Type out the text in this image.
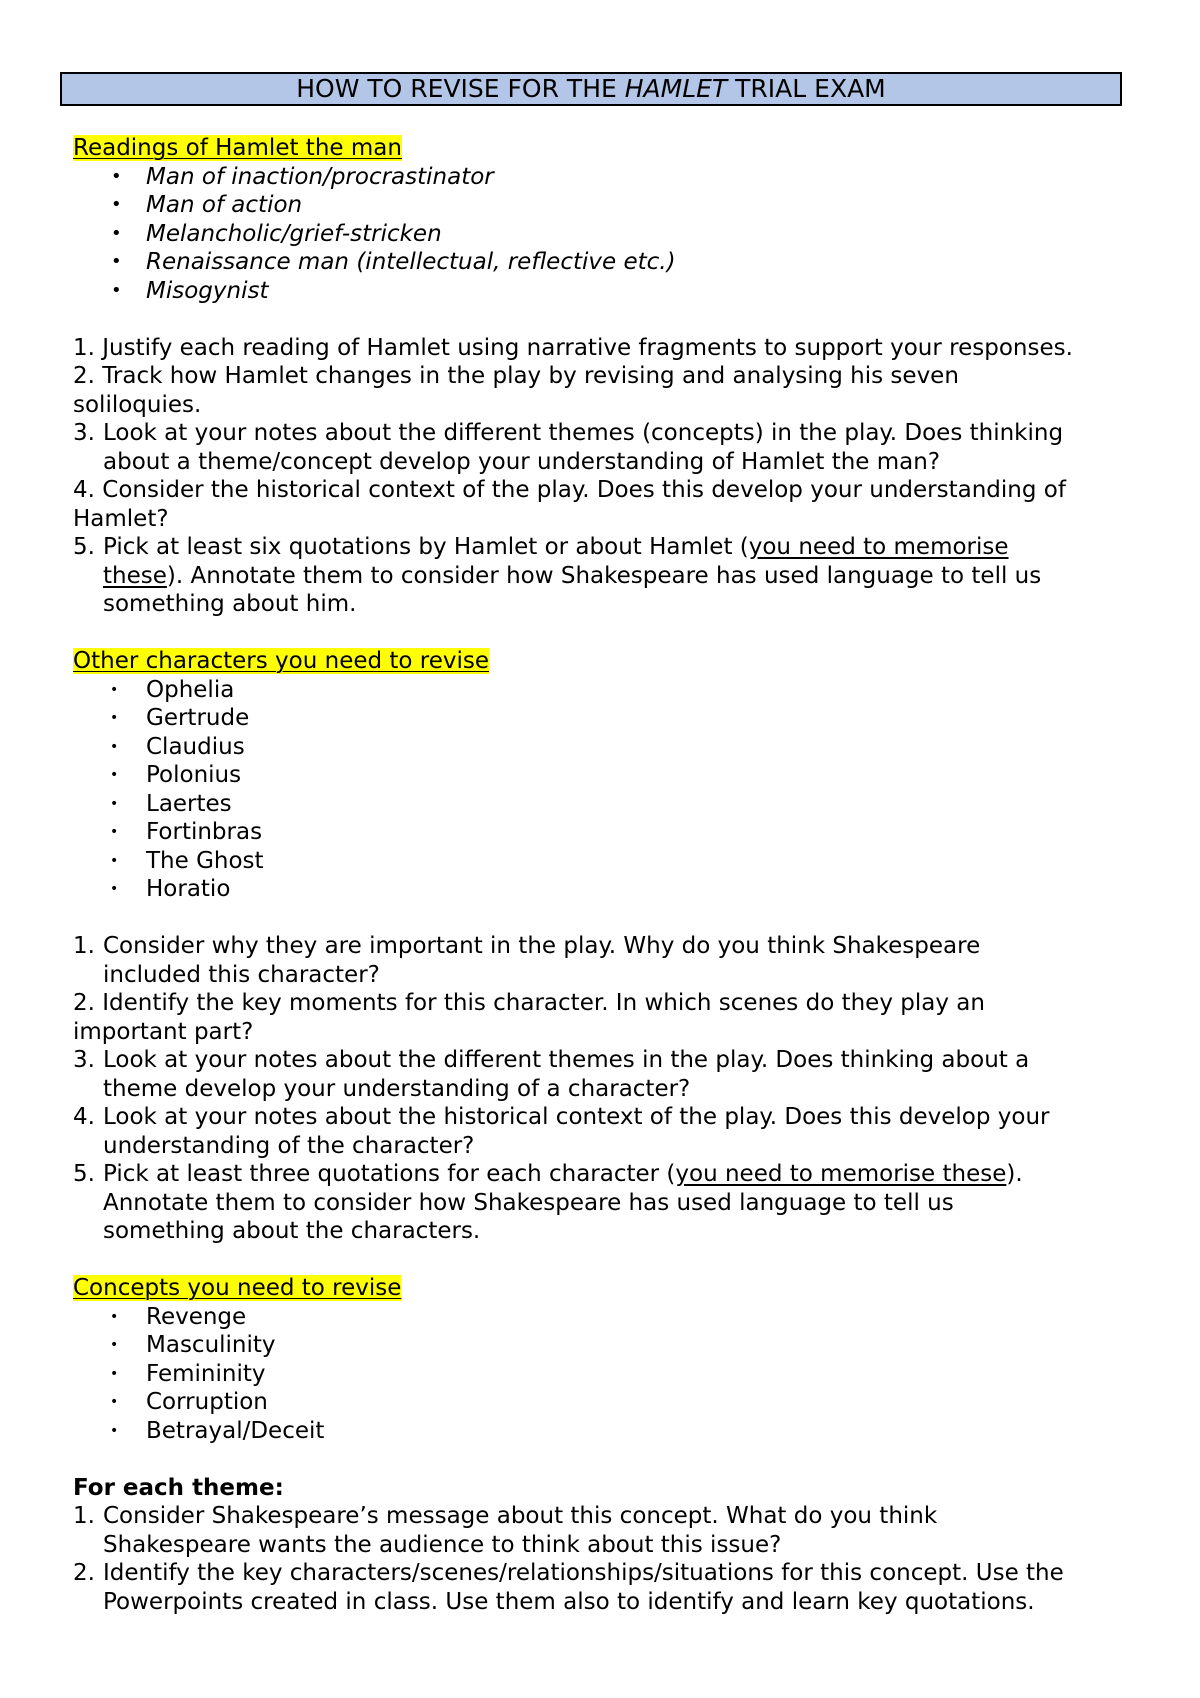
HOW TO REVISE FOR THE HAMLET TRIAL EXAM
Readings of Hamlet the man
• Man of inaction/procrastinator
• Man of action
• Melancholic/grief-stricken
• Renaissance man (intellectual, reflective etc.)
• Misogynist
1. Justify each reading of Hamlet using narrative fragments to support your responses.
2. Track how Hamlet changes in the play by revising and analysing his seven
soliloquies.
3. Look at your notes about the different themes (concepts) in the play. Does thinking
about a theme/concept develop your understanding of Hamlet the man?
4. Consider the historical context of the play. Does this develop your understanding of
Hamlet?
5. Pick at least six quotations by Hamlet or about Hamlet (you need to memorise
these). Annotate them to consider how Shakespeare has used language to tell us
something about him.
Other characters you need to revise
• Ophelia
• Gertrude
• Claudius
• Polonius
• Laertes
• Fortinbras
• The Ghost
• Horatio
1. Consider why they are important in the play. Why do you think Shakespeare
included this character?
2. Identify the key moments for this character. In which scenes do they play an
important part?
3. Look at your notes about the different themes in the play. Does thinking about a
theme develop your understanding of a character?
4. Look at your notes about the historical context of the play. Does this develop your
understanding of the character?
5. Pick at least three quotations for each character (you need to memorise these).
Annotate them to consider how Shakespeare has used language to tell us
something about the characters.
Concepts you need to revise
• Revenge
• Masculinity
• Femininity
• Corruption
• Betrayal/Deceit
For each theme:
1. Consider Shakespeare’s message about this concept. What do you think
Shakespeare wants the audience to think about this issue?
2. Identify the key characters/scenes/relationships/situations for this concept. Use the
Powerpoints created in class. Use them also to identify and learn key quotations.
